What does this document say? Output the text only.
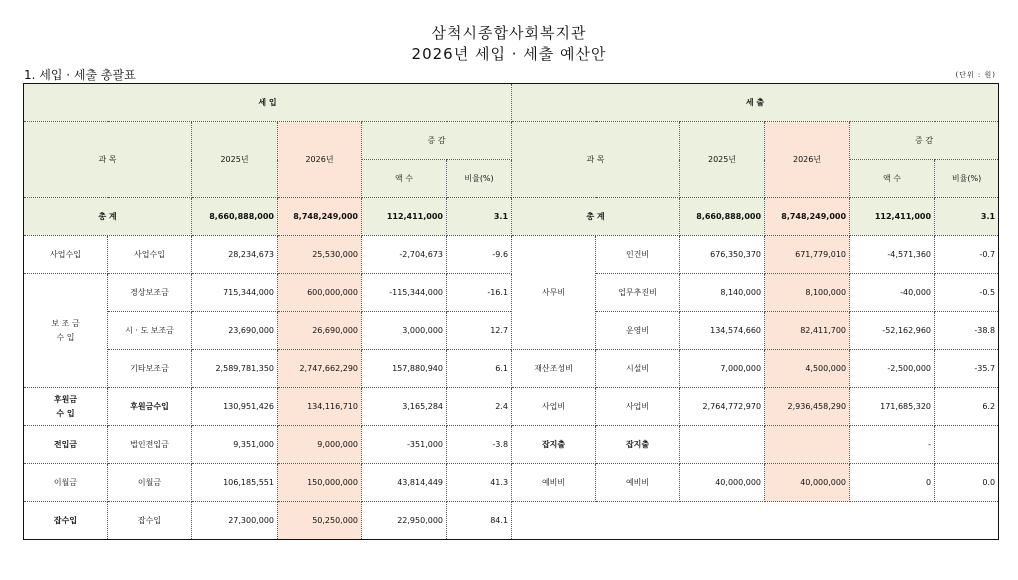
삼척시종합사회복지관
2026년 세입 · 세출 예산안
1. 세입 · 세출 총괄표	(단위 : 원)
세 입						세 출					
과 목		2025년	2026년	증 감		과 목		2025년	2026년	증 감	
				액 수	비율(%)					액 수	비율(%)
총 계		8,660,888,000	8,748,249,000	112,411,000	3.1	총 계		8,660,888,000	8,748,249,000	112,411,000	3.1
사업수입	사업수입	28,234,673	25,530,000	-2,704,673	-9.6	사무비	인건비	676,350,370	671,779,010	-4,571,360	-0.7
보 조 금
수 입	경상보조금	715,344,000	600,000,000	-115,344,000	-16.1		업무추진비	8,140,000	8,100,000	-40,000	-0.5
	시 · 도 보조금	23,690,000	26,690,000	3,000,000	12.7		운영비	134,574,660	82,411,700	-52,162,960	-38.8
	기타보조금	2,589,781,350	2,747,662,290	157,880,940	6.1	재산조성비	시설비	7,000,000	4,500,000	-2,500,000	-35.7
후원금
수 입	후원금수입	130,951,426	134,116,710	3,165,284	2.4	사업비	사업비	2,764,772,970	2,936,458,290	171,685,320	6.2
전입금	법인전입금	9,351,000	9,000,000	-351,000	-3.8	잡지출	잡지출			-	
이월금	이월금	106,185,551	150,000,000	43,814,449	41.3	예비비	예비비	40,000,000	40,000,000	0	0.0
잡수입	잡수입	27,300,000	50,250,000	22,950,000	84.1						
